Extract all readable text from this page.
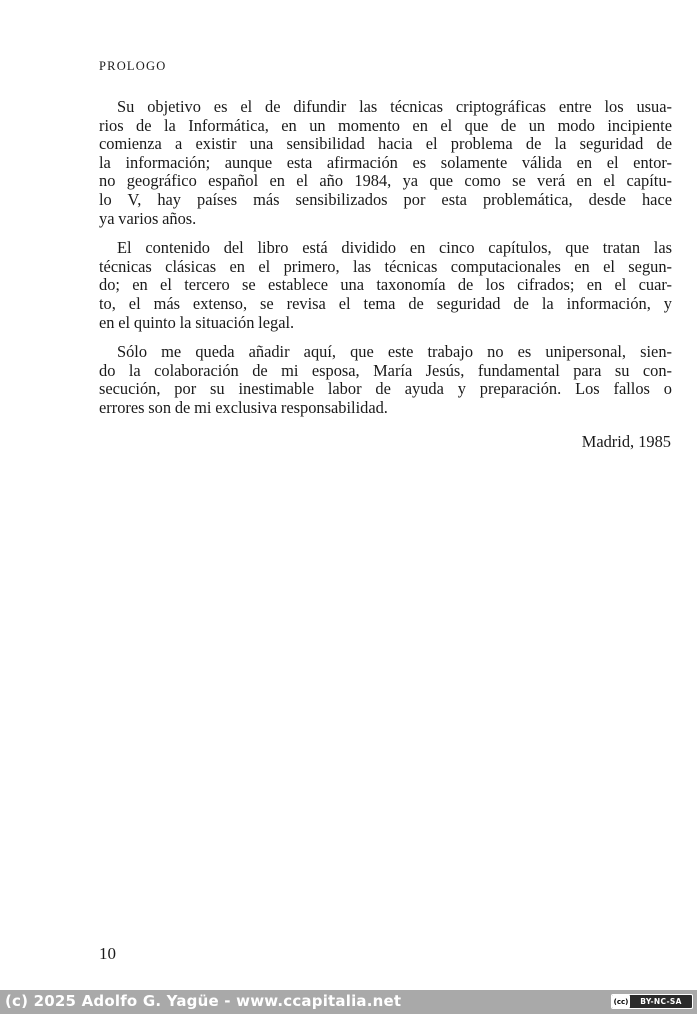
PROLOGO

Su objetivo es el de difundir las técnicas criptográficas entre los usua-
rios de la Informática, en un momento en el que de un modo incipiente
comienza a existir una sensibilidad hacia el problema de la seguridad de
la información; aunque esta afirmación es solamente válida en el entor-
no geográfico español en el año 1984, ya que como se verá en el capítu-
lo V, hay países más sensibilizados por esta problemática, desde hace
ya varios años.

El contenido del libro está dividido en cinco capítulos, que tratan las
técnicas clásicas en el primero, las técnicas computacionales en el segun-
do; en el tercero se establece una taxonomía de los cifrados; en el cuar-
to, el más extenso, se revisa el tema de seguridad de la información, y
en el quinto la situación legal.

Sólo me queda añadir aquí, que este trabajo no es unipersonal, sien-
do la colaboración de mi esposa, María Jesús, fundamental para su con-
secución, por su inestimable labor de ayuda y preparación. Los fallos o
errores son de mi exclusiva responsabilidad.

Madrid, 1985
10
(c) 2025 Adolfo G. Yagüe - www.ccapitalia.net	(cc)	BY-NC-SA
